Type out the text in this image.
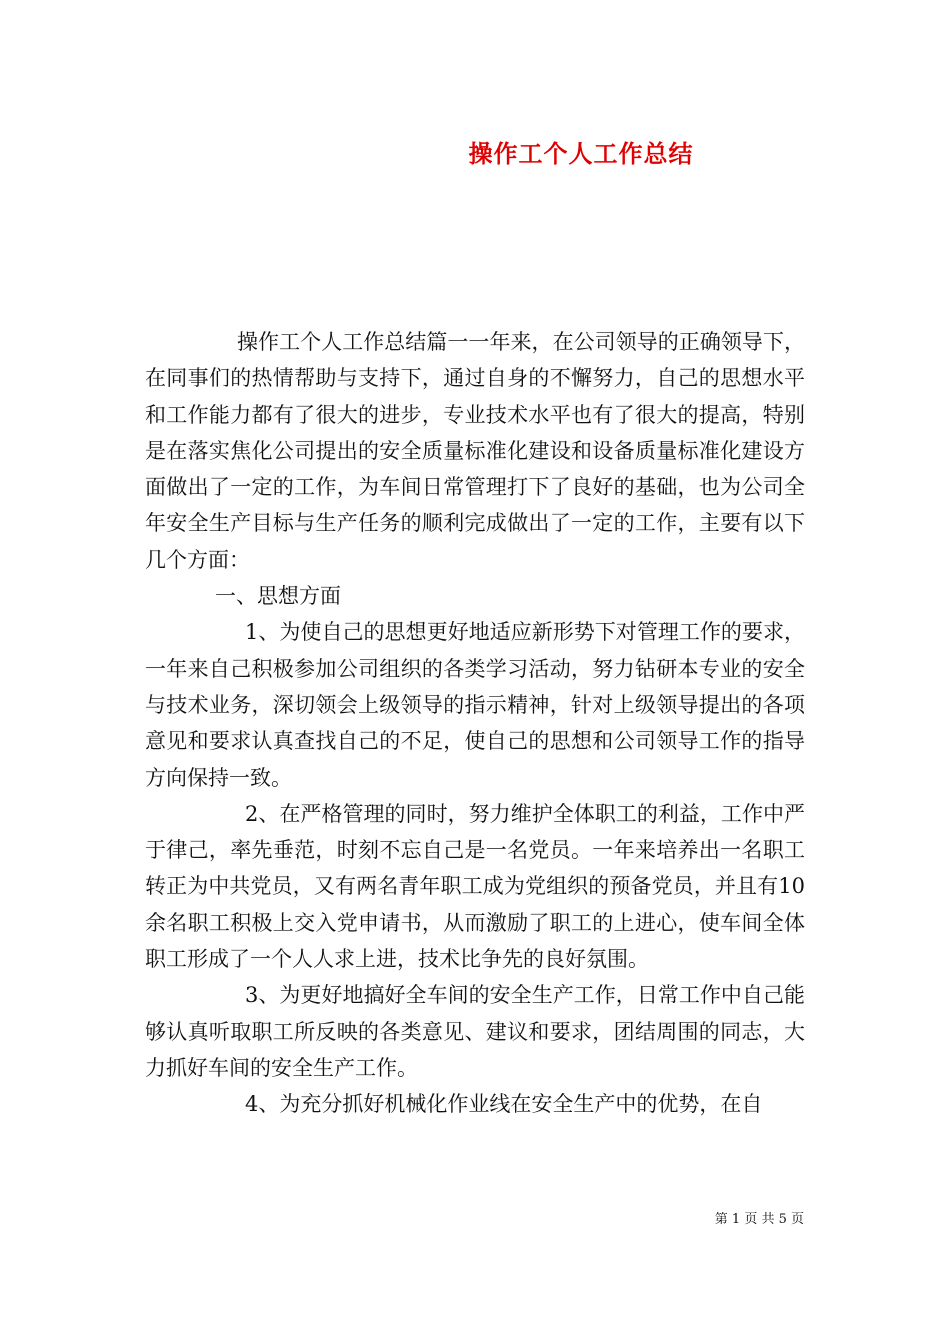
操作工个人工作总结

操作工个人工作总结篇一一年来，在公司领导的正确领导下，在同事们的热情帮助与支持下，通过自身的不懈努力，自己的思想水平和工作能力都有了很大的进步，专业技术水平也有了很大的提高，特别是在落实焦化公司提出的安全质量标准化建设和设备质量标准化建设方面做出了一定的工作，为车间日常管理打下了良好的基础，也为公司全年安全生产目标与生产任务的顺利完成做出了一定的工作，主要有以下几个方面：

一、思想方面

1、为使自己的思想更好地适应新形势下对管理工作的要求，一年来自己积极参加公司组织的各类学习活动，努力钻研本专业的安全与技术业务，深切领会上级领导的指示精神，针对上级领导提出的各项意见和要求认真查找自己的不足，使自己的思想和公司领导工作的指导方向保持一致。

2、在严格管理的同时，努力维护全体职工的利益，工作中严于律己，率先垂范，时刻不忘自己是一名党员。一年来培养出一名职工转正为中共党员，又有两名青年职工成为党组织的预备党员，并且有10余名职工积极上交入党申请书，从而激励了职工的上进心，使车间全体职工形成了一个人人求上进，技术比争先的良好氛围。

3、为更好地搞好全车间的安全生产工作，日常工作中自己能够认真听取职工所反映的各类意见、建议和要求，团结周围的同志，大力抓好车间的安全生产工作。

4、为充分抓好机械化作业线在安全生产中的优势，在自

第 1 页 共 5 页
